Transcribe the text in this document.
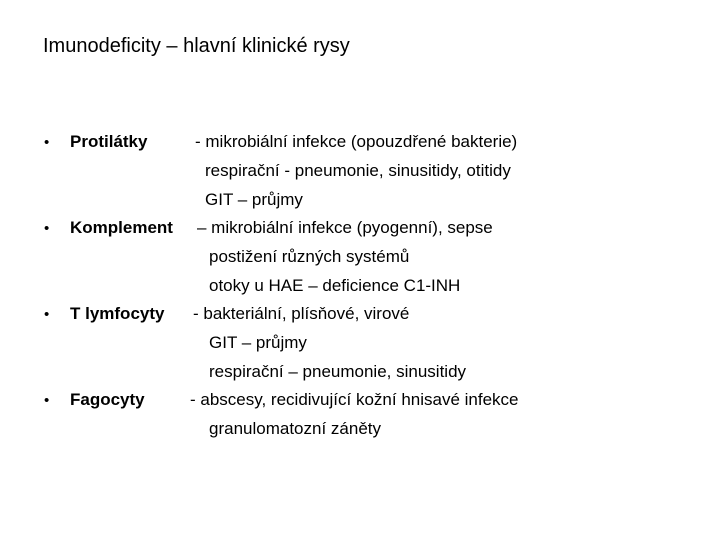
Imunodeficity – hlavní klinické rysy
• Protilátky	- mikrobiální infekce (opouzdřené bakterie)
respirační - pneumonie, sinusitidy, otitidy
GIT – průjmy
• Komplement – mikrobiální infekce (pyogenní), sepse
postižení různých systémů
otoky u HAE – deficience C1-INH
• T lymfocyty - bakteriální, plísňové, virové
GIT – průjmy
respirační – pneumonie, sinusitidy
• Fagocyty	- abscesy, recidivující kožní hnisavé infekce
granulomatozní záněty
